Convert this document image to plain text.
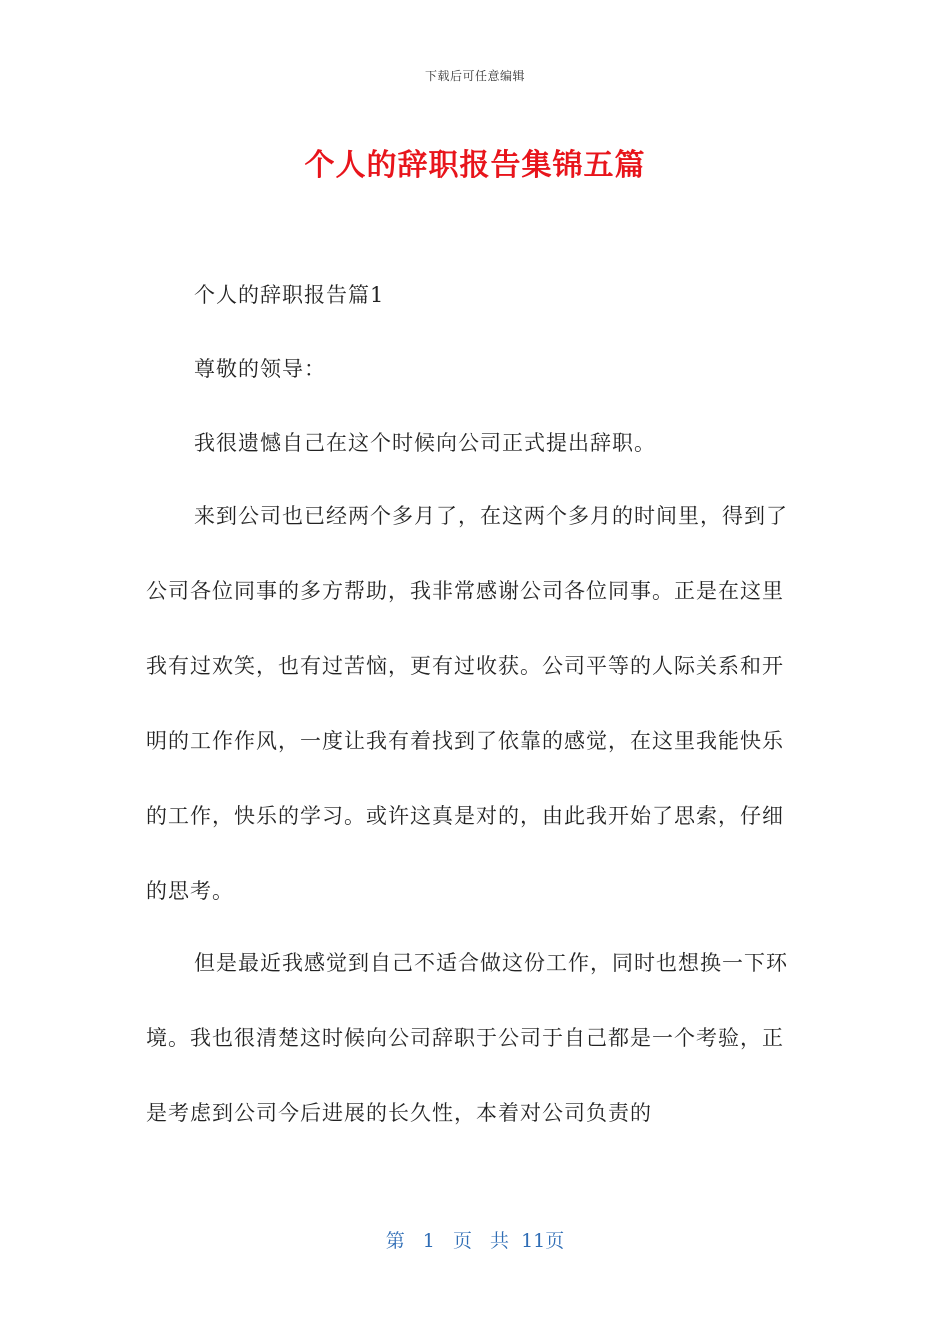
下载后可任意编辑
个人的辞职报告集锦五篇

个人的辞职报告篇1

尊敬的领导：

我很遗憾自己在这个时候向公司正式提出辞职。

来到公司也已经两个多月了，在这两个多月的时间里，得到了公司各位同事的多方帮助，我非常感谢公司各位同事。正是在这里我有过欢笑，也有过苦恼，更有过收获。公司平等的人际关系和开明的工作作风，一度让我有着找到了依靠的感觉，在这里我能快乐的工作，快乐的学习。或许这真是对的，由此我开始了思索，仔细的思考。

但是最近我感觉到自己不适合做这份工作，同时也想换一下环境。我也很清楚这时候向公司辞职于公司于自己都是一个考验，正是考虑到公司今后进展的长久性，本着对公司负责的

第 1 页 共 11页
